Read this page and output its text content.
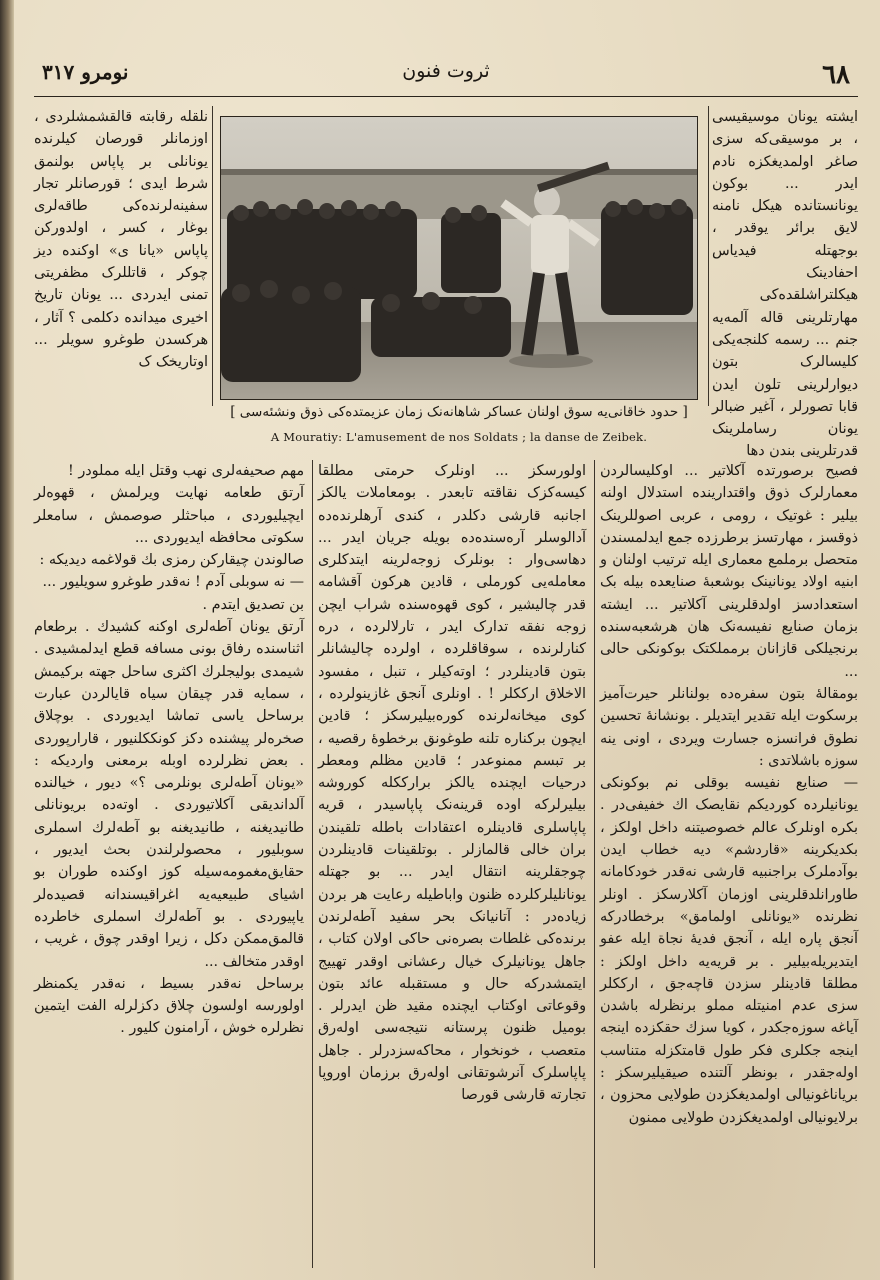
٦٨
ثروت فنون
نومرو ٣١٧

ایشته یونان موسیقیسی ، بر موسیقی‌که سزی صاغر اولمدیغکزه نادم ایدر ... بوکون یونانستانده هیکل نامنه لایق برائر یوقدر ، بوجهتله فیدیاس احفادینک هیکلتراشلقده‌کی مهارتلرینی قاله آلمه‌یه جنم ... رسمه کلنجه‌یکی کلیسالرک بتون دیوارلرینی تلون ایدن قابا تصورلر ، آغیر ضبالر یونان رساملرینک قدرتلرینی بندن دها

نلقله رقابته قالقشمشلردی ، اوزمانلر قورصان کیلرنده یونانلی بر پاپاس بولنمق شرط ایدی ؛ قورصانلر تجار سفینه‌لرنده‌کی طاقه‌لری بوغار ، کسر ، اولدورکن پاپاس «یانا ی» اوکنده دیز چوکر ، قاتللرک مظفریتی تمنی ایدردی ... یونان تاریخ اخیری میدانده دکلمی ؟ آثار ، هرکسدن طوغرو سویلر ... اوتاریخک ک

[ حدود خاقانی‌یه سوق اولنان عساکر شاهانه‌نک زمان عزیمتده‌کی ذوق ونشئه‌سی ]
A Mouratiy: L'amusement de nos Soldats ; la danse de Zeibek.

فصیح برصورتده آکلاتیر ... اوکلیسالردن معمارلرک ذوق واقتدارینده استدلال اولنه بیلیر : غوتیک ، رومی ، عربی اصوللرینک ذوقسز ، مهارتسز برطرزده جمع ایدلمسندن متحصل برملمع معماری ایله ترتیب اولنان و ابنیه اولاد یونانینک بوشعبهٔ صنایعده بیله بک استعدادسز اولدقلرینی آکلاتیر ... ایشته بزمان صنایع نفیسه‌نک هان هرشعبه‌سنده برنجیلکی قازانان برمملکتک بوکونکی حالی ...

بومقالهٔ بتون سفره‌ده بولنانلر حیرت‌آمیز برسکوت ایله تقدیر ایتدیلر . بونشانهٔ تحسین نطوق فرانسزه جسارت ویردی ، اونی ینه سوزه باشلاتدی :

— صنایع نفیسه بوقلی نم بوکونکی یونانیلرده کوردیکم نقایصک اك خفیفی‌در . بکره اونلرک عالم خصوصیتنه داخل اولکز ، بکدیکرینه «قاردشم» دیه خطاب ایدن بوآدملرک براجنبیه قارشی نه‌قدر خودکامانه طاورانلدقلرینی اوزمان آکلارسکز . اونلر نظرنده «یونانلی اولمامق» برخطادرکه آنجق پاره ایله ، آنجق فدیهٔ نجاة ایله عفو ایتدیریله‌بیلیر . بر قریه‌یه داخل اولکز : مطلقا قادینلر سزدن قاچه‌جق ، ارککلر سزی عدم امنیتله مملو برنظرله باشدن آیاغه سوزه‌جکدر ، کویا سزك حقکزده اینجه اینجه جکلری فکر طول قامتکزله متناسب اوله‌جقدر ، بونظر آلتنده صیقیلیرسکز : بریاناغونیالی اولمدیغکزدن طولایی محزون ، برلایونیالی اولمدیغکزدن طولایی ممنون

اولورسکز ... اونلرک حرمتی مطلقا کیسه‌کزک نقاقته تابعدر . بومعاملات یالکز اجانبه قارشی دکلدر ، کندی آرهلرنده‌ده آدالوسلر آره‌سنده‌ده بویله جریان ایدر ... دهاسی‌وار : بونلرک زوجه‌لرینه ایتدکلری معامله‌یی کورملی ، قادین هرکون آقشامه قدر چالیشیر ، کوی قهوه‌سنده شراب ایچن زوجه نفقه تدارک ایدر ، تارلالرده ، دره کنارلرنده ، سوقاقلرده ، اولرده چالیشانلر بتون قادینلردر ؛ اوته‌کیلر ، تنبل ، مفسود الاخلاق ارککلر ! . اونلری آنجق غازینولرده ، کوی میخانه‌لرنده کوره‌بیلیرسکز ؛ قادین ایچون برکناره تلنه طوغونق برخطوهٔ رقصیه ، بر تبسم ممنوعدر ؛ قادین مظلم ومعطر درحیات ایچنده یالکز برارککله کوروشه بیلیرلرکه اوده قرینه‌نک پاپاسیدر ، قریه پاپاسلری قادینلره اعتقادات باطله تلقیندن بران خالی قالمازلر . بوتلقینات قادینلردن چوجقلرینه انتقال ایدر ... بو جهتله یونانلیلرکلرده ظنون واباطیله رعایت هر بردن زیاده‌در : آتانیانک بحر سفید آطه‌لرندن برنده‌کی غلطات بصره‌نی حاکی اولان کتاب ، جاهل یونانیلرک خیال رعشانی اوقدر تهییج ایتمشدرکه حال و مستقبله عائد بتون وقوعاتی اوکتاب ایچنده مقید ظن ایدرلر . بومیل ظنون پرستانه نتیجه‌سی اوله‌رق متعصب ، خونخوار ، محاکه‌سزدرلر . جاهل پاپاسلرک آنرشوتقانی اوله‌رق برزمان اوروپا تجارته قارشی قورصا

مهم صحیفه‌لری نهب وقتل ایله مملودر !

آرتق طعامه نهایت ویرلمش ، قهوه‌لر ایچیلیوردی ، مباحثلر صوصمش ، سامعلر سکوتی محافظه ایدیوردی ...

صالوندن چیقارکن رمزی بك قولاغمه دیدیکه :

— نه سوبلی آدم ! نه‌قدر طوغرو سویلیور ...

بن تصدیق ایتدم .

آرتق یونان آطه‌لری اوکنه کشیدك . برطعام اثناسنده رفاق بونی مسافه قطع ایدلمشیدی . شیمدی بولیجلرك اکثری ساحل جهته برکیمش ، سمایه قدر چیقان سیاه قایالردن عبارت برساحل یاسی تماشا ایدیوردی . بوچلاق صخره‌لر پیشنده دکز کونککلنیور ، قارارپوردی . بعض نظرلرده اوبله برمعنی واردیکه : «یونان آطه‌لری بونلرمی ؟» دیور ، خیالنده آلدانديقی آکلاتیوردی . اوته‌ده بریونانلی طانیدیغنه ، طانیدیغنه بو آطه‌لرك اسملری سوبلیور ، محصولرلندن بحث ایدیور ، حقایق‌مغمومه‌سیله کوز اوکنده طوران بو اشیای طبیعیه‌یه اغراقیسندانه قصیده‌لر یاپیوردی . بو آطه‌لرك اسملری خاطرده قالمق‌ممکن دکل ، زیرا اوقدر چوق ، غریب ، اوقدر متخالف ...

برساحل نه‌قدر بسیط ، نه‌قدر یکمنظر اولورسه اولسون چلاق دکزلرله الفت ایتمین نظرلره خوش ، آرامنون کلیور .
